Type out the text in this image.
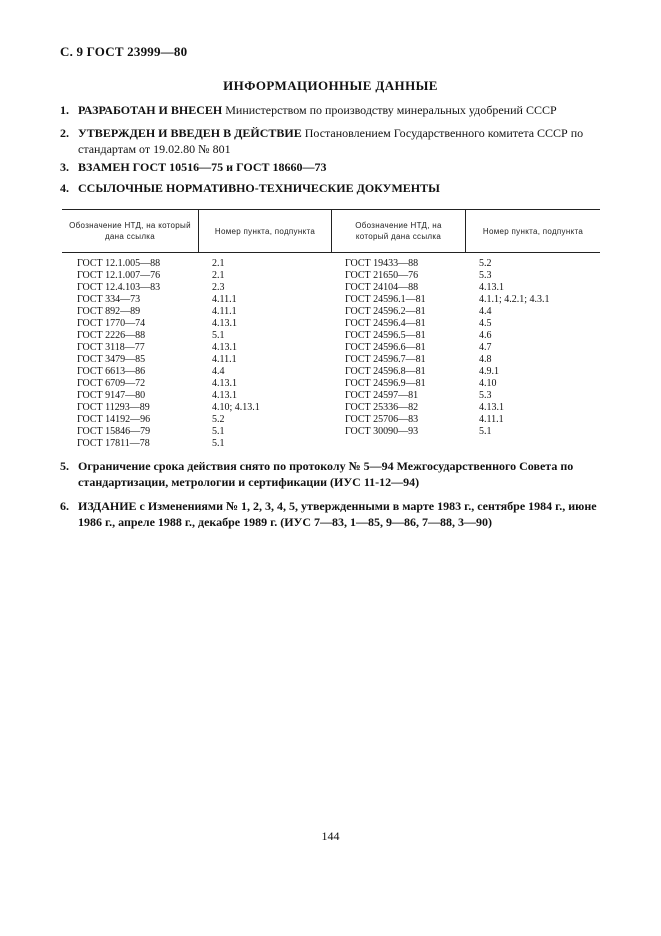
С. 9 ГОСТ 23999—80
ИНФОРМАЦИОННЫЕ ДАННЫЕ
1. РАЗРАБОТАН И ВНЕСЕН Министерством по производству минеральных удобрений СССР
2. УТВЕРЖДЕН И ВВЕДЕН В ДЕЙСТВИЕ Постановлением Государственного комитета СССР по стандартам от 19.02.80 № 801
3. ВЗАМЕН ГОСТ 10516—75 и ГОСТ 18660—73
4. ССЫЛОЧНЫЕ НОРМАТИВНО-ТЕХНИЧЕСКИЕ ДОКУМЕНТЫ
Обозначение НТД, на который дана ссылка
Номер пункта, подпункта
Обозначение НТД, на который дана ссылка
Номер пункта, подпункта
ГОСТ 12.1.005—88
ГОСТ 12.1.007—76
ГОСТ 12.4.103—83
ГОСТ 334—73
ГОСТ 892—89
ГОСТ 1770—74
ГОСТ 2226—88
ГОСТ 3118—77
ГОСТ 3479—85
ГОСТ 6613—86
ГОСТ 6709—72
ГОСТ 9147—80
ГОСТ 11293—89
ГОСТ 14192—96
ГОСТ 15846—79
ГОСТ 17811—78
2.1
2.1
2.3
4.11.1
4.11.1
4.13.1
5.1
4.13.1
4.11.1
4.4
4.13.1
4.13.1
4.10; 4.13.1
5.2
5.1
5.1
ГОСТ 19433—88
ГОСТ 21650—76
ГОСТ 24104—88
ГОСТ 24596.1—81
ГОСТ 24596.2—81
ГОСТ 24596.4—81
ГОСТ 24596.5—81
ГОСТ 24596.6—81
ГОСТ 24596.7—81
ГОСТ 24596.8—81
ГОСТ 24596.9—81
ГОСТ 24597—81
ГОСТ 25336—82
ГОСТ 25706—83
ГОСТ 30090—93
5.2
5.3
4.13.1
4.1.1; 4.2.1; 4.3.1
4.4
4.5
4.6
4.7
4.8
4.9.1
4.10
5.3
4.13.1
4.11.1
5.1
5. Ограничение срока действия снято по протоколу № 5—94 Межгосударственного Совета по стандартизации, метрологии и сертификации (ИУС 11-12—94)
6. ИЗДАНИЕ с Изменениями № 1, 2, 3, 4, 5, утвержденными в марте 1983 г., сентябре 1984 г., июне 1986 г., апреле 1988 г., декабре 1989 г. (ИУС 7—83, 1—85, 9—86, 7—88, 3—90)
144
